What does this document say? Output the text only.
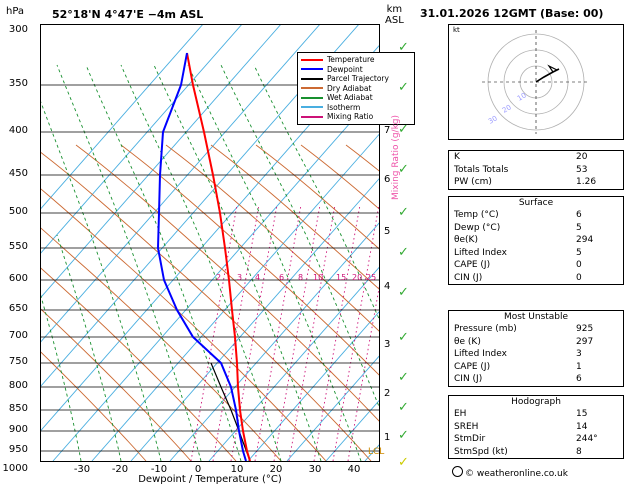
hPa	52°18'N 4°47'E −4m ASL	km
ASL
300
350
400
450
500
550
600
650
700
750
800
850
900
950
1000
7
6
5
4
3
2
1
-30 -20 -10	0	10	20	30	40
Dewpoint / Temperature (°C)
Temperature
Dewpoint
Parcel Trajectory
Dry Adiabat
Wet Adiabat
Isotherm
Mixing Ratio
2 3 4 6 8 10 15 20 25
Mixing Ratio (g/kg)
✓
✓
✓
✓
✓
✓
✓
✓
✓
✓
✓
✓
LCL
31.01.2026 12GMT (Base: 00)
10
20
30
kt
K	20
Totals Totals	53
PW (cm)	1.26
Surface
Temp (°C)	6
Dewp (°C)	5
θe(K)	294
Lifted Index	5
CAPE (J)	0
CIN (J)	0
Most Unstable
Pressure (mb)	925
θe (K)	297
Lifted Index	3
CAPE (J)	1
CIN (J)	6
Hodograph
EH	15
SREH	14
StmDir	244°
StmSpd (kt)	8
© weatheronline.co.uk
